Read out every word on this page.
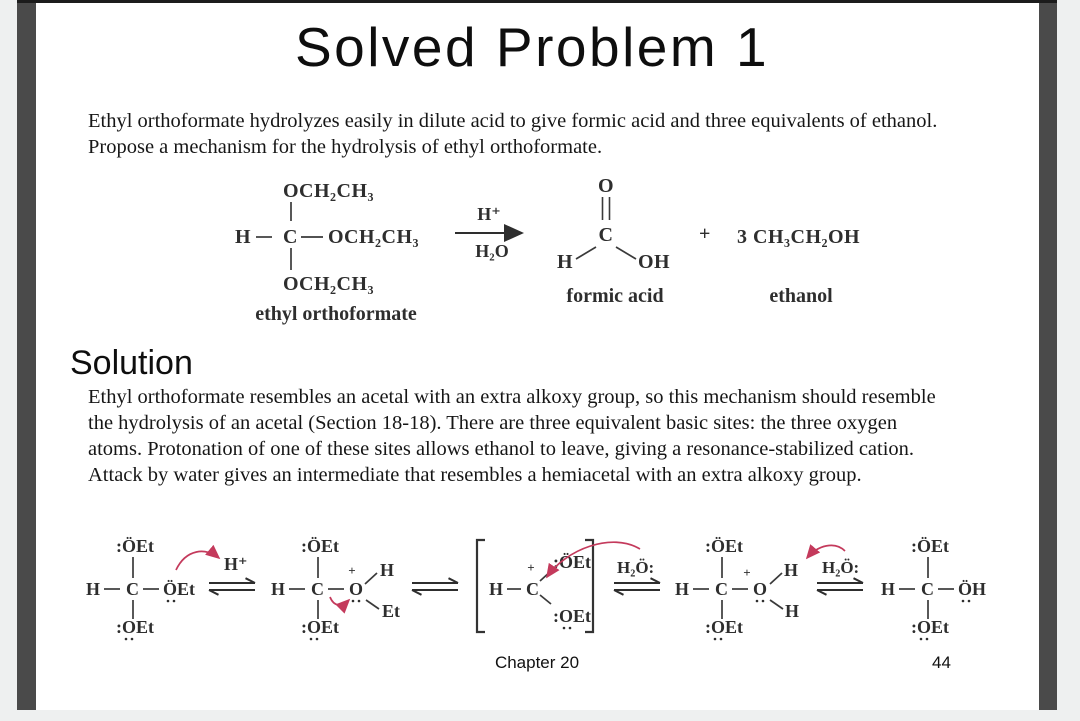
Solved Problem 1
Ethyl orthoformate hydrolyzes easily in dilute acid to give formic acid and three equivalents of ethanol.
Propose a mechanism for the hydrolysis of ethyl orthoformate.
OCH₂CH₃
H C OCH₂CH₃
OCH₂CH₃
ethyl orthoformate
H⁺
H₂O
O
C
H	OH
formic acid
+ 3 CH₃CH₂OH
ethanol
Solution
Ethyl orthoformate resembles an acetal with an extra alkoxy group, so this mechanism should resemble
the hydrolysis of an acetal (Section 18-18). There are three equivalent basic sites: the three oxygen
atoms. Protonation of one of these sites allows ethanol to leave, giving a resonance-stabilized cation.
Attack by water gives an intermediate that resembles a hemiacetal with an extra alkoxy group.
:ÖEt
H C ÖEt
:OEt
H⁺
:ÖEt
H C O
+ H
Et
:OEt
H C
+ :ÖEt
:OEt
H₂Ö:
:ÖEt
H C O
+ H
H
:OEt
H₂Ö:
:ÖEt
H C ÖH
:OEt
Chapter 20	44
